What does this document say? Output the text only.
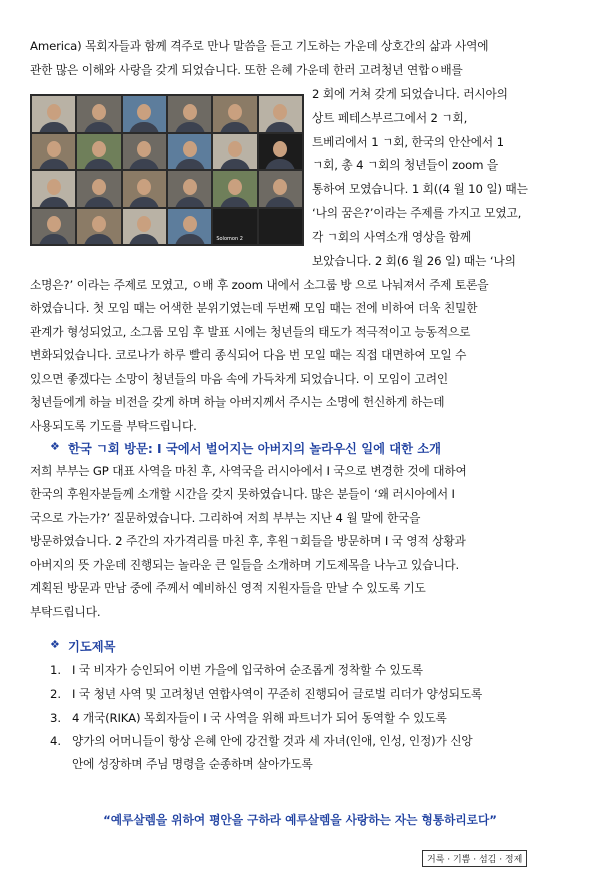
America) 목회자들과 함께 격주로 만나 말씀을 듣고 기도하는 가운데 상호간의 삶과 사역에
관한 많은 이해와 사랑을 갖게 되었습니다. 또한 은혜 가운데 한러 고려청년 연합ㅇ배를
Solomon 2
2 회에 거쳐 갖게 되었습니다. 러시아의
상트 페테스부르그에서 2 ㄱ회,
트베리에서 1 ㄱ회, 한국의 안산에서 1
ㄱ회, 총 4 ㄱ회의 청년들이 zoom 을
통하여 모였습니다. 1 회((4 월 10 일) 때는
‘나의 꿈은?’이라는 주제를 가지고 모였고,
각 ㄱ회의 사역소개 영상을 함께
보았습니다. 2 회(6 월 26 일) 때는 ‘나의
소명은?’ 이라는 주제로 모였고, ㅇ배 후 zoom 내에서 소그룹 방 으로 나눠져서 주제 토론을
하였습니다. 첫 모임 때는 어색한 분위기였는데 두번째 모임 때는 전에 비하여 더욱 친밀한
관계가 형성되었고, 소그룹 모임 후 발표 시에는 청년들의 태도가 적극적이고 능동적으로
변화되었습니다. 코로나가 하루 빨리 종식되어 다음 번 모일 때는 직접 대면하여 모일 수
있으면 좋겠다는 소망이 청년들의 마음 속에 가득차게 되었습니다. 이 모임이 고려인
청년들에게 하늘 비전을 갖게 하며 하늘 아버지께서 주시는 소명에 헌신하게 하는데
사용되도록 기도를 부탁드립니다.
❖ 한국 ㄱ회 방문: I 국에서 벌어지는 아버지의 놀라우신 일에 대한 소개
저희 부부는 GP 대표 사역을 마친 후, 사역국을 러시아에서 I 국으로 변경한 것에 대하여
한국의 후원자분들께 소개할 시간을 갖지 못하였습니다. 많은 분들이 ‘왜 러시아에서 I
국으로 가는가?’ 질문하였습니다. 그리하여 저희 부부는 지난 4 월 말에 한국을
방문하였습니다. 2 주간의 자가격리를 마친 후, 후원ㄱ회들을 방문하며 I 국 영적 상황과
아버지의 뜻 가운데 진행되는 놀라운 큰 일들을 소개하며 기도제목을 나누고 있습니다.
계획된 방문과 만남 중에 주께서 예비하신 영적 지원자들을 만날 수 있도록 기도
부탁드립니다.
❖ 기도제목
1. I 국 비자가 승인되어 이번 가을에 입국하여 순조롭게 정착할 수 있도록
2. I 국 청년 사역 및 고려청년 연합사역이 꾸준히 진행되어 글로벌 리더가 양성되도록
3. 4 개국(RIKA) 목회자들이 I 국 사역을 위해 파트너가 되어 동역할 수 있도록
4. 양가의 어머니들이 항상 은혜 안에 강건할 것과 세 자녀(인애, 인성, 인정)가 신앙
안에 성장하며 주님 명령을 순종하며 살아가도록
“예루살렘을 위하여 평안을 구하라 예루살렘을 사랑하는 자는 형통하리로다”
거룩 · 기쁨 · 섬김 · 정제
